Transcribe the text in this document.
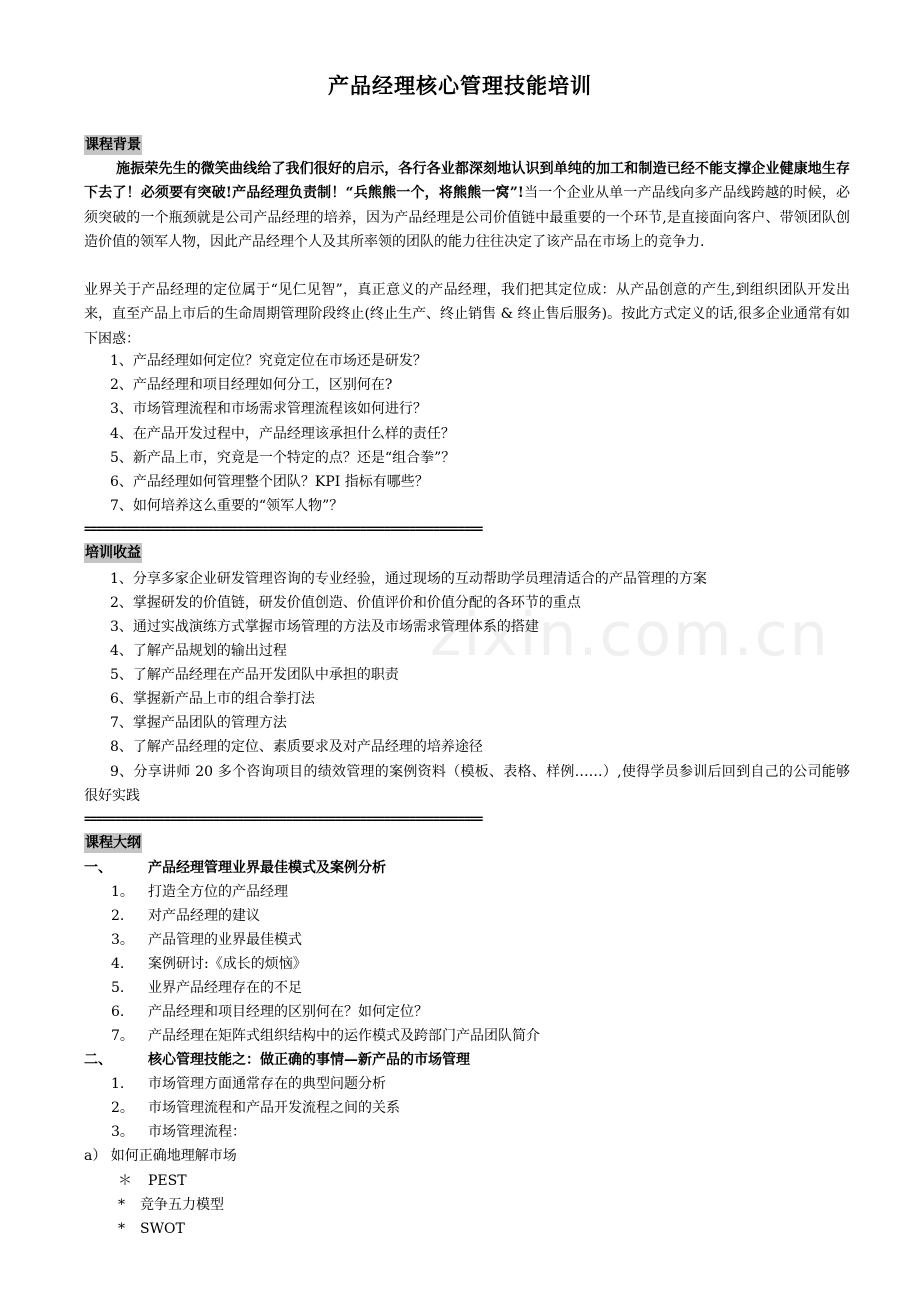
zixin.com.cn
产品经理核心管理技能培训
课程背景
施振荣先生的微笑曲线给了我们很好的启示，各行各业都深刻地认识到单纯的加工和制造已经不能支撑企业健康地生存下去了！必须要有突破!产品经理负责制！“兵熊熊一个，将熊熊一窝”!当一个企业从单一产品线向多产品线跨越的时候，必须突破的一个瓶颈就是公司产品经理的培养，因为产品经理是公司价值链中最重要的一个环节,是直接面向客户、带领团队创造价值的领军人物，因此产品经理个人及其所率领的团队的能力往往决定了该产品在市场上的竞争力.
业界关于产品经理的定位属于“见仁见智”，真正意义的产品经理，我们把其定位成：从产品创意的产生,到组织团队开发出来，直至产品上市后的生命周期管理阶段终止(终止生产、终止销售 & 终止售后服务)。按此方式定义的话,很多企业通常有如下困惑：
1、产品经理如何定位？究竟定位在市场还是研发？
2、产品经理和项目经理如何分工，区别何在?
3、市场管理流程和市场需求管理流程该如何进行？
4、在产品开发过程中，产品经理该承担什么样的责任？
5、新产品上市，究竟是一个特定的点？还是“组合拳”？
6、产品经理如何管理整个团队？KPI 指标有哪些？
7、如何培养这么重要的“领军人物”？
=================================================================
培训收益
1、分享多家企业研发管理咨询的专业经验，通过现场的互动帮助学员理清适合的产品管理的方案
2、掌握研发的价值链，研发价值创造、价值评价和价值分配的各环节的重点
3、通过实战演练方式掌握市场管理的方法及市场需求管理体系的搭建
4、了解产品规划的输出过程
5、了解产品经理在产品开发团队中承担的职责
6、掌握新产品上市的组合拳打法
7、掌握产品团队的管理方法
8、了解产品经理的定位、素质要求及对产品经理的培养途径
9、分享讲师 20 多个咨询项目的绩效管理的案例资料（模板、表格、样例……）,使得学员参训后回到自己的公司能够很好实践
=================================================================
课程大纲
一、	产品经理管理业界最佳模式及案例分析
1。 打造全方位的产品经理
2. 对产品经理的建议
3。 产品管理的业界最佳模式
4. 案例研讨:《成长的烦恼》
5. 业界产品经理存在的不足
6. 产品经理和项目经理的区别何在？如何定位？
7。 产品经理在矩阵式组织结构中的运作模式及跨部门产品团队简介
二、	核心管理技能之：做正确的事情—新产品的市场管理
1. 市场管理方面通常存在的典型问题分析
2。 市场管理流程和产品开发流程之间的关系
3。 市场管理流程：
a） 如何正确地理解市场
＊ PEST
* 竞争五力模型
* SWOT
